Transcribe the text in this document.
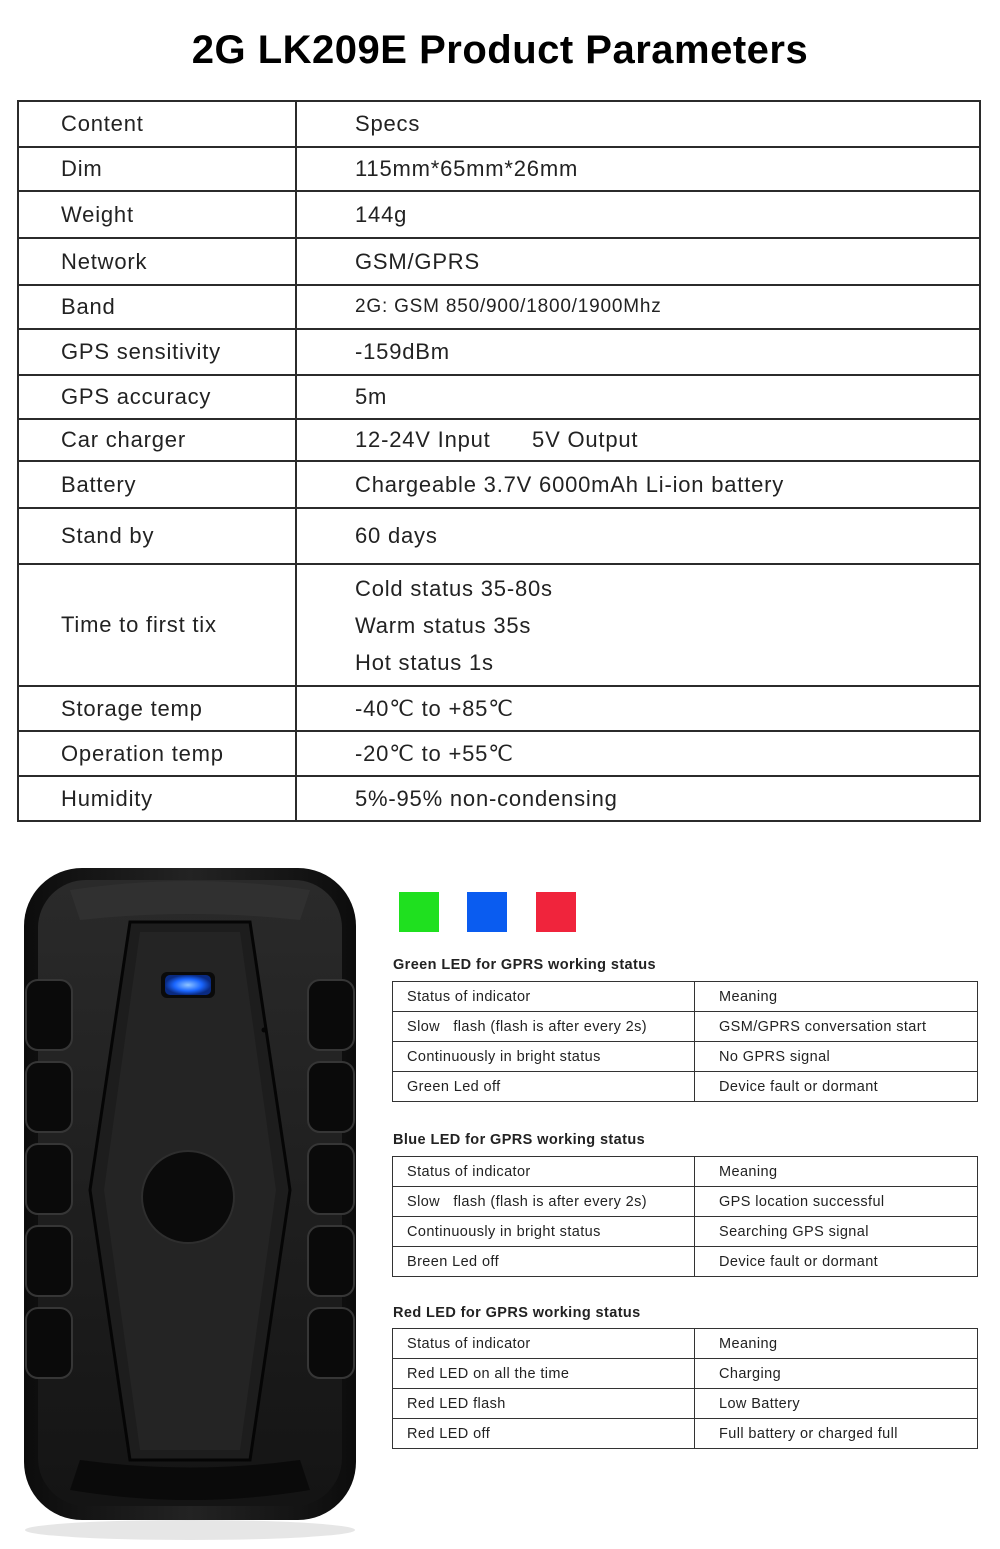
2G LK209E Product Parameters
Content	Specs
Dim	115mm*65mm*26mm
Weight	144g
Network	GSM/GPRS
Band	2G: GSM 850/900/1800/1900Mhz
GPS sensitivity	-159dBm
GPS accuracy	5m
Car charger	12-24V Input      5V Output
Battery	Chargeable 3.7V 6000mAh Li-ion battery
Stand by	60 days
Time to first tix	Cold status 35-80s
Warm status 35s
Hot status 1s

Storage temp	-40℃ to +85℃
Operation temp	-20℃ to +55℃
Humidity	5%-95% non-condensing
Green LED for GPRS working status
Status of indicator	Meaning
Slow   flash (flash is after every 2s)	GSM/GPRS conversation start
Continuously in bright status	No GPRS signal
Green Led off	Device fault or dormant
Blue LED for GPRS working status
Status of indicator	Meaning
Slow   flash (flash is after every 2s)	GPS location successful
Continuously in bright status	Searching GPS signal
Breen Led off	Device fault or dormant
Red LED for GPRS working status
Status of indicator	Meaning
Red LED on all the time	Charging
Red LED flash	Low Battery
Red LED off	Full battery or charged full
